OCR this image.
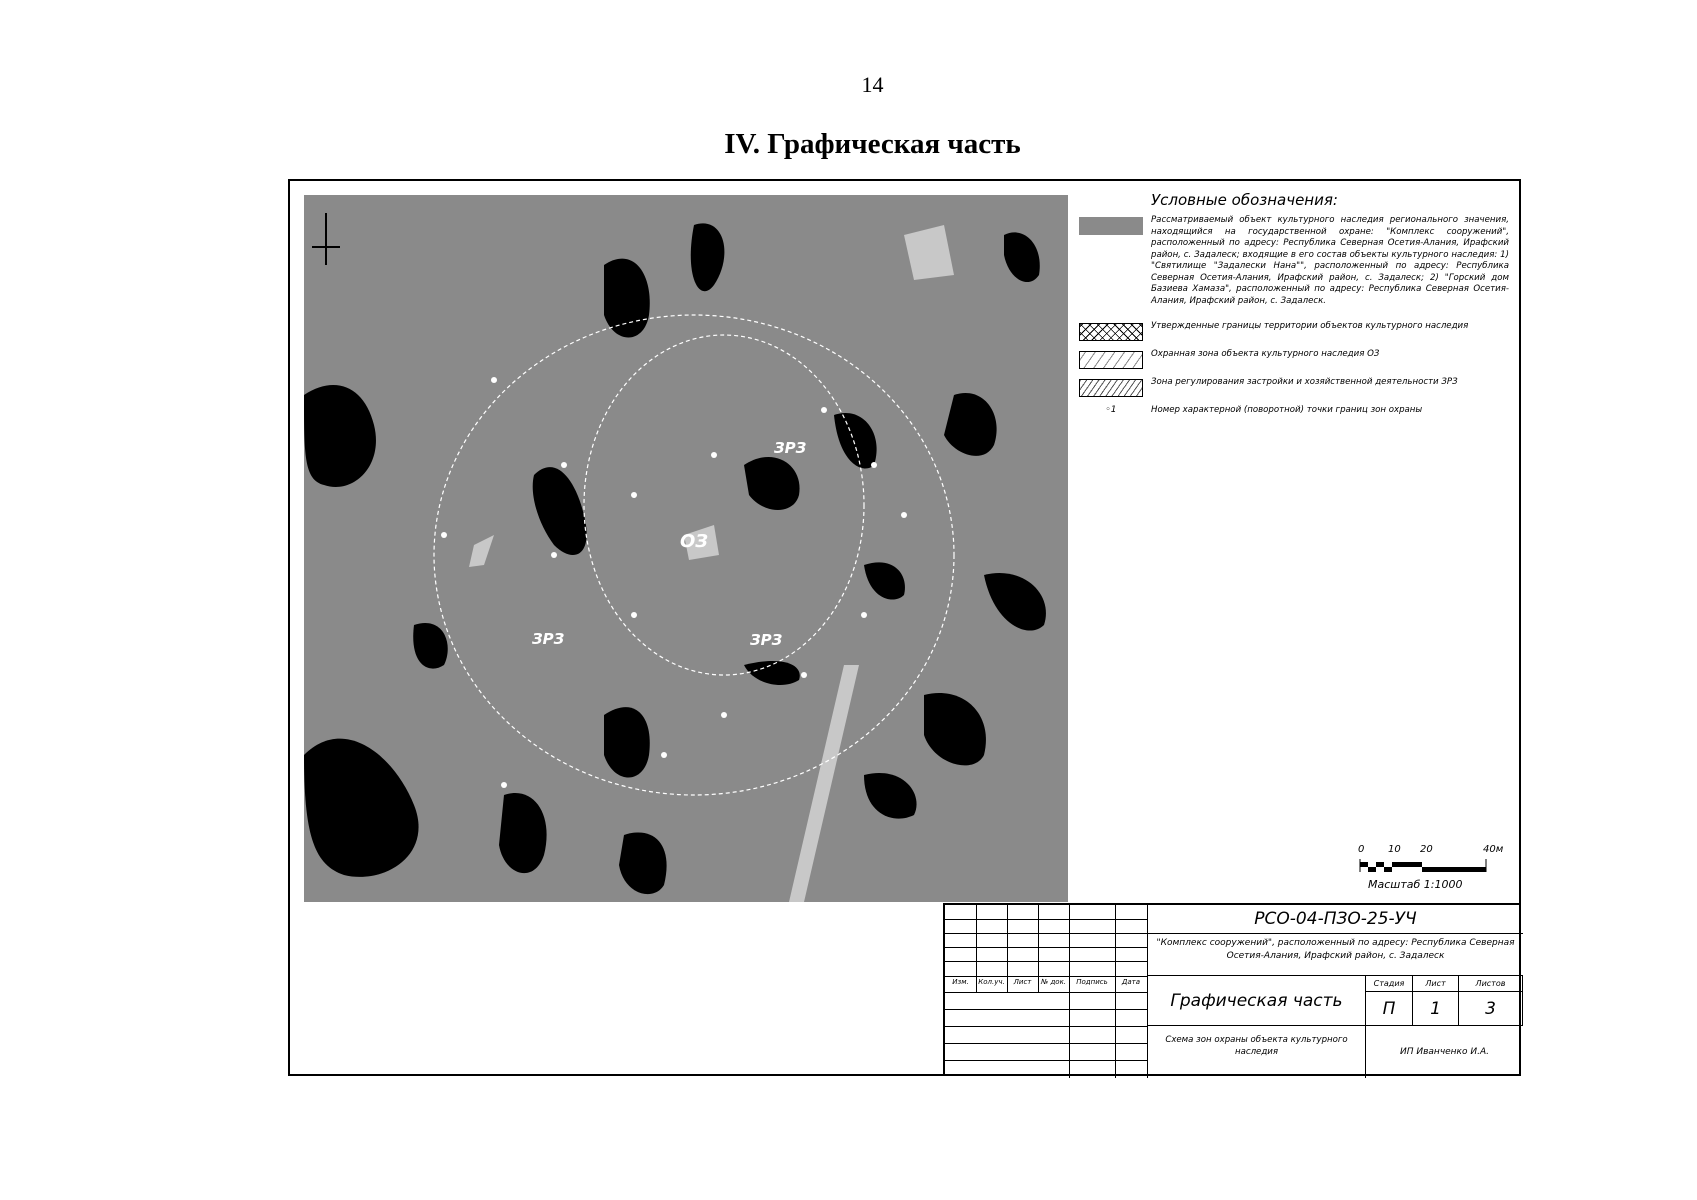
14
IV. Графическая часть
ОЗ
ЗРЗ
ЗРЗ	ЗРЗ
Условные обозначения:
Рассматриваемый объект культурного наследия регионального значения, находящийся на государственной охране: "Комплекс сооружений", расположенный по адресу: Республика Северная Осетия-Алания, Ирафский район, с. Задалеск; входящие в его состав объекты культурного наследия: 1) "Святилище "Задалески Нана"", расположенный по адресу: Республика Северная Осетия-Алания, Ирафский район, с. Задалеск; 2) "Горский дом Базиева Хамаза", расположенный по адресу: Республика Северная Осетия-Алания, Ирафский район, с. Задалеск.
Утвержденные границы территории объектов культурного наследия
Охранная зона объекта культурного наследия ОЗ
Зона регулирования застройки и хозяйственной деятельности ЗРЗ
◦1	Номер характерной (поворотной) точки границ зон охраны
0 10 20	40м
Масштаб 1:1000
Изм.	Кол.уч.	Лист	№ док.	Подпись	Дата
РСО-04-ПЗО-25-УЧ
"Комплекс сооружений", расположенный по адресу: Республика Северная Осетия-Алания, Ирафский район, с. Задалеск
Графическая часть
Стадия	Лист	Листов
П	1	3
Схема зон охраны объекта культурного наследия	ИП Иванченко И.А.
